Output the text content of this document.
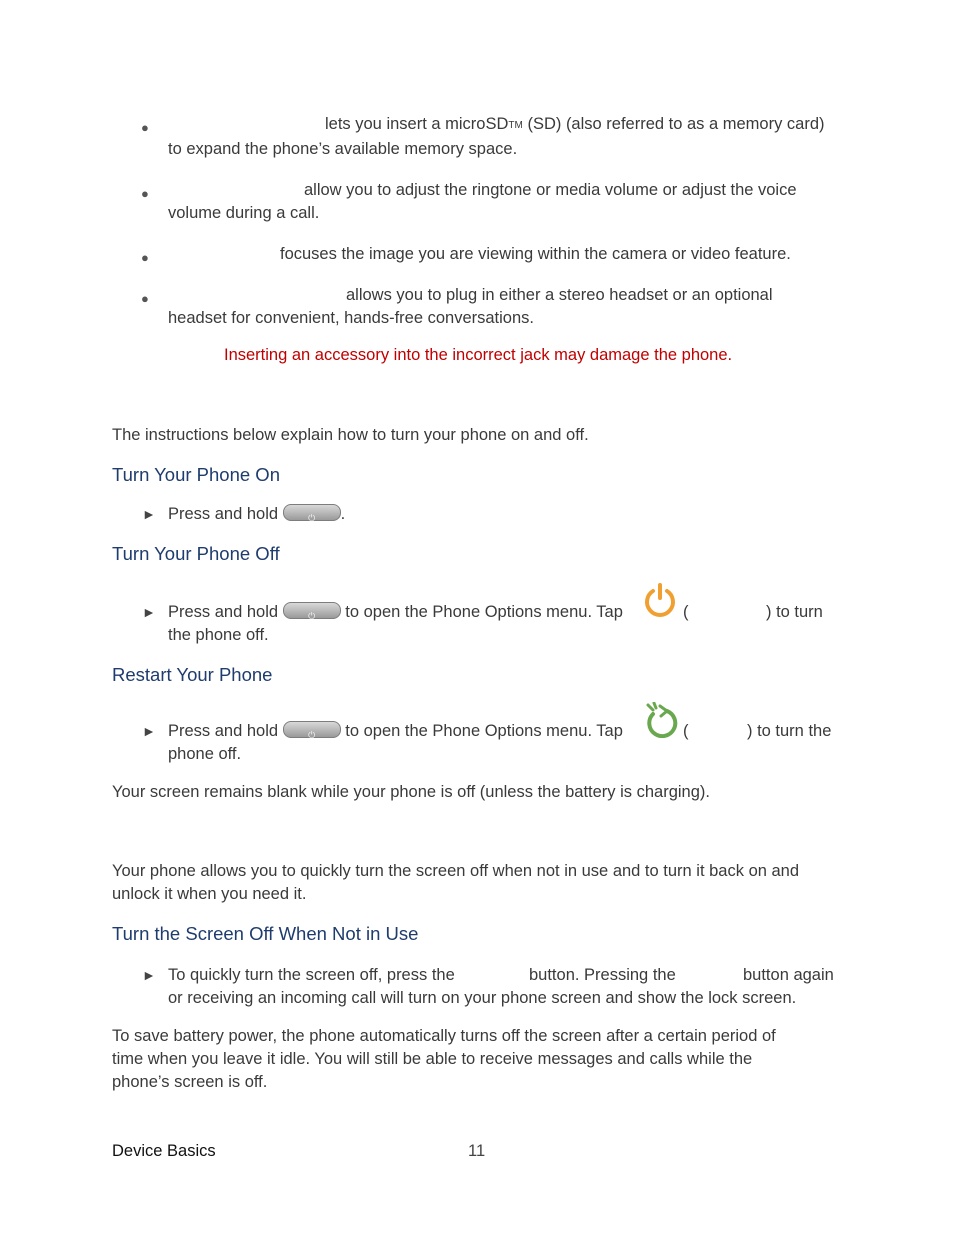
●	lets you insert a microSDTM (SD) (also referred to as a memory card)
to expand the phone’s available memory space.
●	allow you to adjust the ringtone or media volume or adjust the voice
volume during a call.
●	focuses the image you are viewing within the camera or video feature.
●	allows you to plug in either a stereo headset or an optional
headset for convenient, hands-free conversations.
Inserting an accessory into the incorrect jack may damage the phone.
The instructions below explain how to turn your phone on and off.
Turn Your Phone On
► Press and hold	⏻ .
Turn Your Phone Off
► Press and hold	⏻ to open the Phone Options menu. Tap	(	) to turn
the phone off.
Restart Your Phone
► Press and hold	⏻ to open the Phone Options menu. Tap	(	) to turn the
phone off.
Your screen remains blank while your phone is off (unless the battery is charging).
Your phone allows you to quickly turn the screen off when not in use and to turn it back on and
unlock it when you need it.
Turn the Screen Off When Not in Use
► To quickly turn the screen off, press the	button. Pressing the	button again
or receiving an incoming call will turn on your phone screen and show the lock screen.
To save battery power, the phone automatically turns off the screen after a certain period of
time when you leave it idle. You will still be able to receive messages and calls while the
phone’s screen is off.
Device Basics	11
